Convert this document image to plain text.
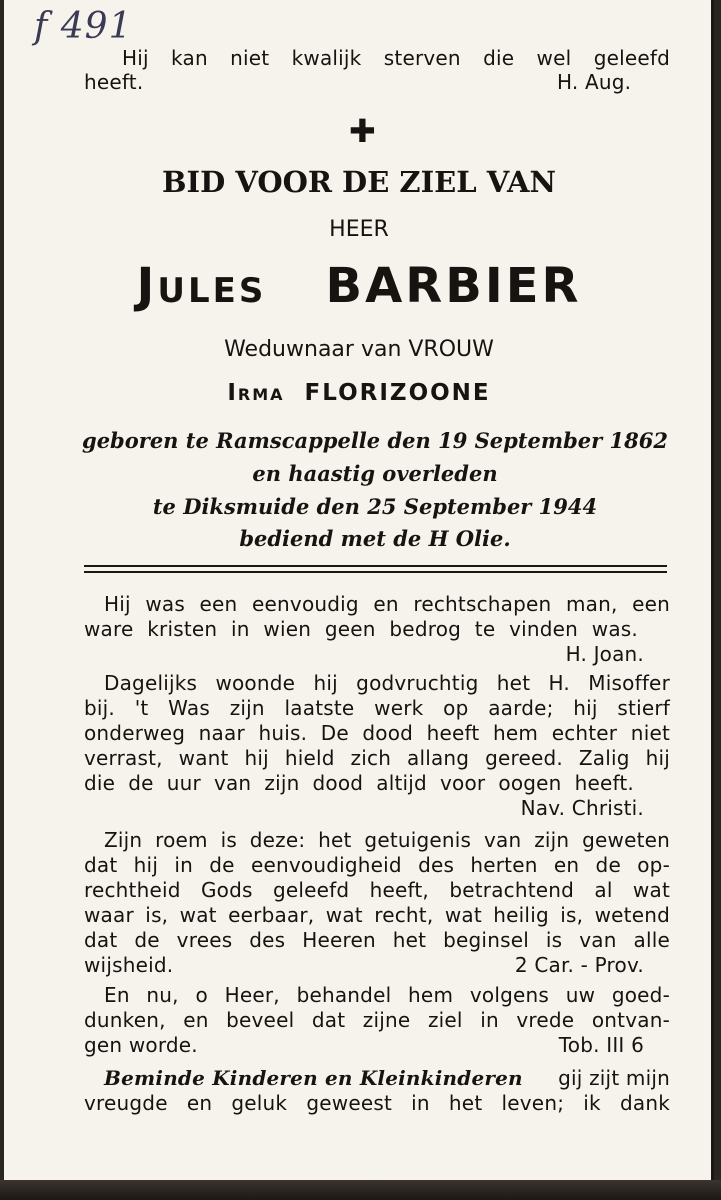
f 491
Hij kan niet kwalijk sterven die wel geleefd
heeft.	H. Aug.
✚
BID VOOR DE ZIEL VAN
HEER
Jules BARBIER
Weduwnaar van VROUW
Irma FLORIZOONE
geboren te Ramscappelle den 19 September 1862
en haastig overleden
te Diksmuide den 25 September 1944
bediend met de H Olie.
Hij was een eenvoudig en rechtschapen man, een
ware kristen in wien geen bedrog te vinden was.
H. Joan.
Dagelijks woonde hij godvruchtig het H. Misoffer
bij. 't Was zijn laatste werk op aarde; hij stierf
onderweg naar huis. De dood heeft hem echter niet
verrast, want hij hield zich allang gereed. Zalig hij
die de uur van zijn dood altijd voor oogen heeft.
Nav. Christi.
Zijn roem is deze: het getuigenis van zijn geweten
dat hij in de eenvoudigheid des herten en de op-
rechtheid Gods geleefd heeft, betrachtend al wat
waar is, wat eerbaar, wat recht, wat heilig is, wetend
dat de vrees des Heeren het beginsel is van alle
wijsheid.	2 Car. - Prov.
En nu, o Heer, behandel hem volgens uw goed-
dunken, en beveel dat zijne ziel in vrede ontvan-
gen worde.	Tob. III 6
Beminde Kinderen en Kleinkinderen gij zijt mijn
vreugde en geluk geweest in het leven; ik dank
